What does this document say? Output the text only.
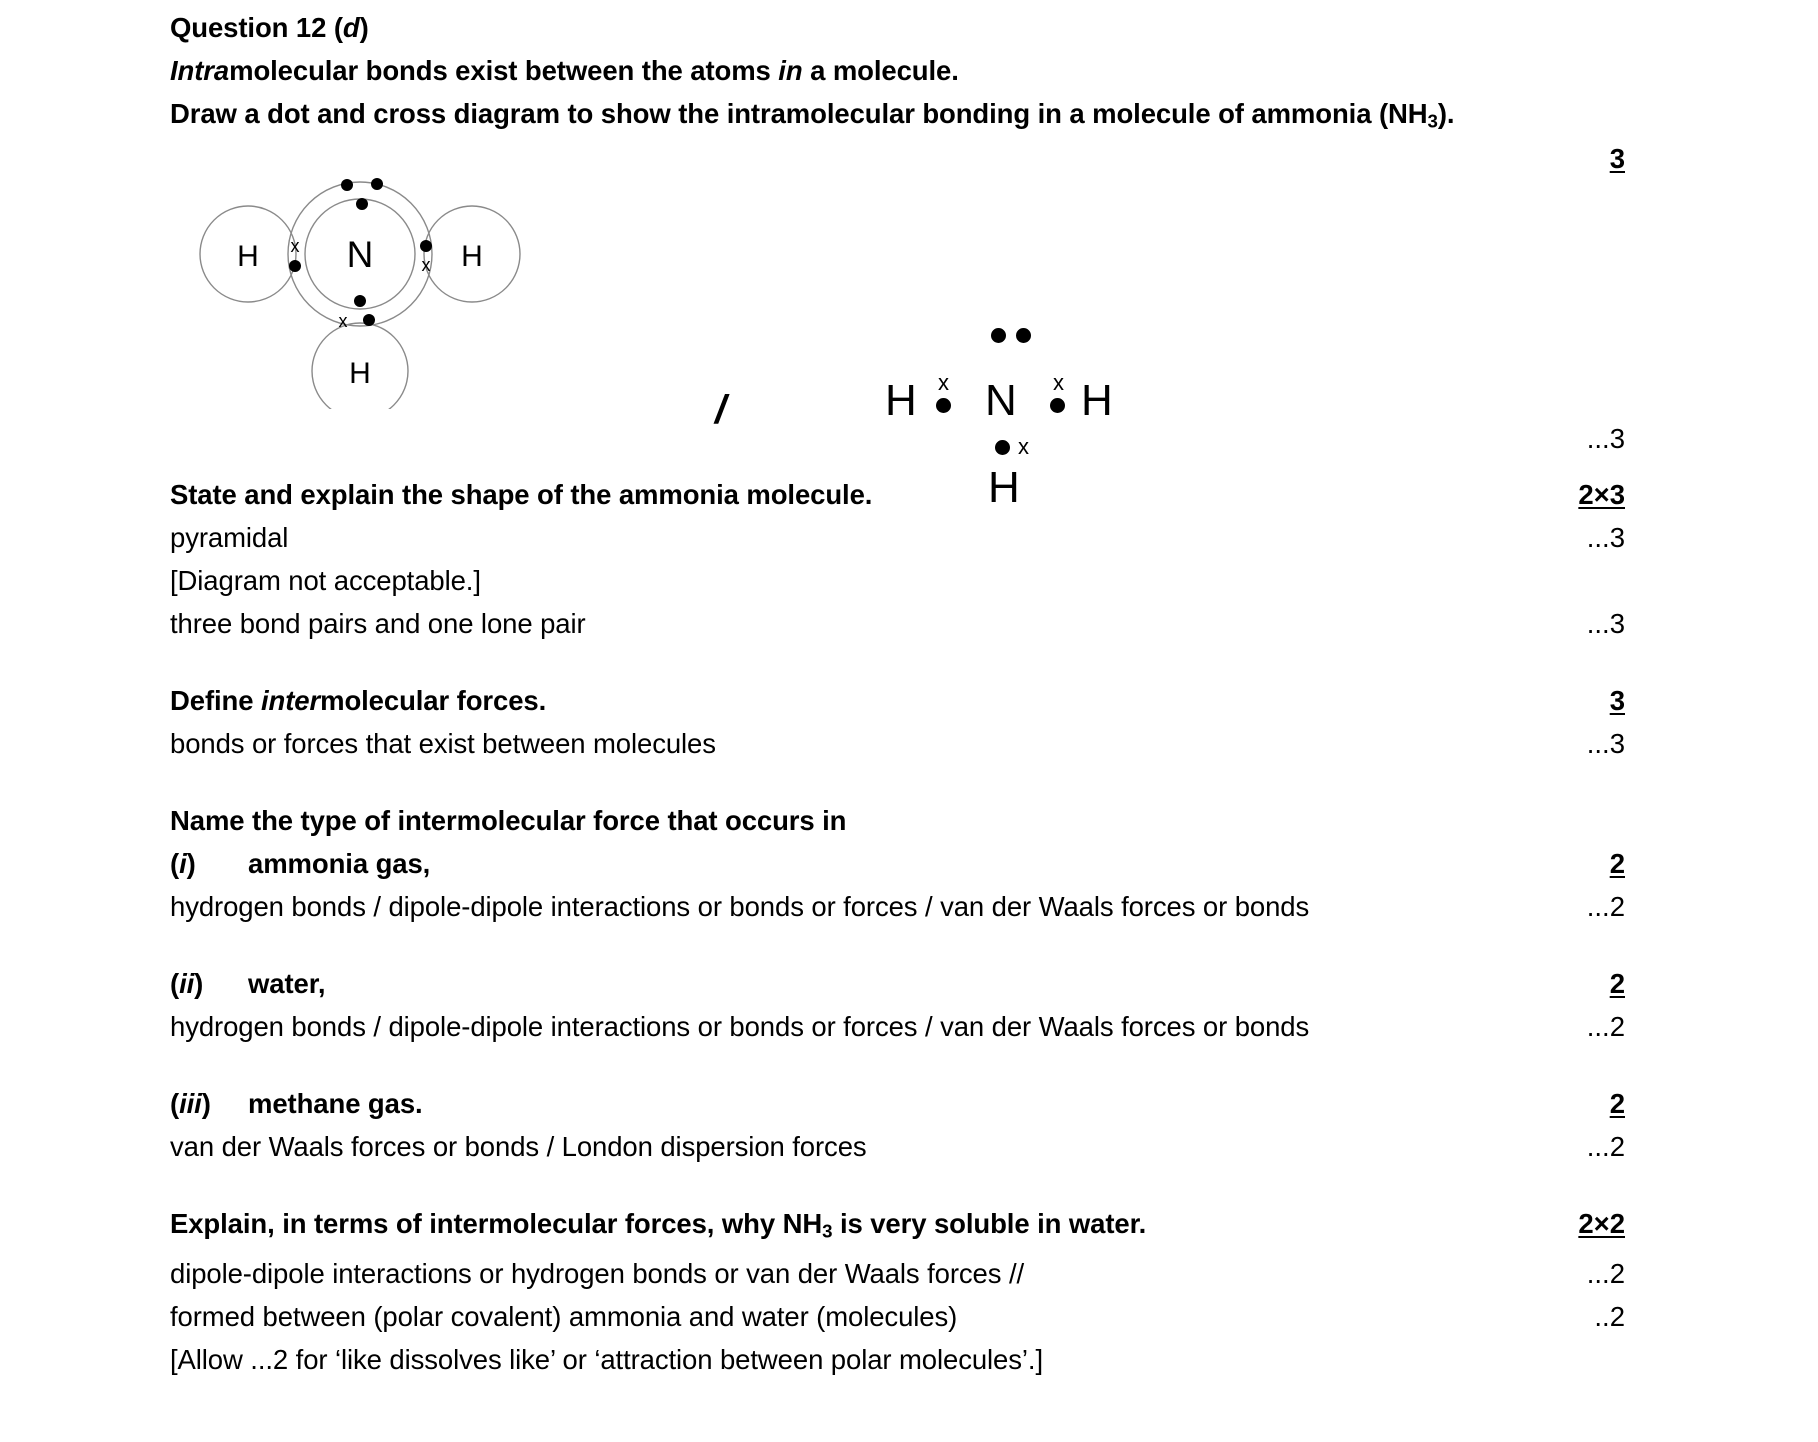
Question 12 (d)
Intramolecular bonds exist between the atoms in a molecule.
Draw a dot and cross diagram to show the intramolecular bonding in a molecule of ammonia $(NH_3)$.
3
N
H	H
H
x
x
x
/	H x N x H
x
H
...3
State and explain the shape of the ammonia molecule.	2×3
pyramidal	...3
[Diagram not acceptable.]
three bond pairs and one lone pair	...3
Define intermolecular forces.	3
bonds or forces that exist between molecules	...3
Name the type of intermolecular force that occurs in
(i) ammonia gas,	2
hydrogen bonds / dipole-dipole interactions or bonds or forces / van der Waals forces or bonds	...2
(ii) water,	2
hydrogen bonds / dipole-dipole interactions or bonds or forces / van der Waals forces or bonds	...2
(iii) methane gas.	2
van der Waals forces or bonds / London dispersion forces	...2
Explain, in terms of intermolecular forces, why $NH_3$ is very soluble in water.	2×2
dipole-dipole interactions or hydrogen bonds or van der Waals forces //	...2
formed between (polar covalent) ammonia and water (molecules)	..2
[Allow ...2 for ‘like dissolves like’ or ‘attraction between polar molecules’.]
